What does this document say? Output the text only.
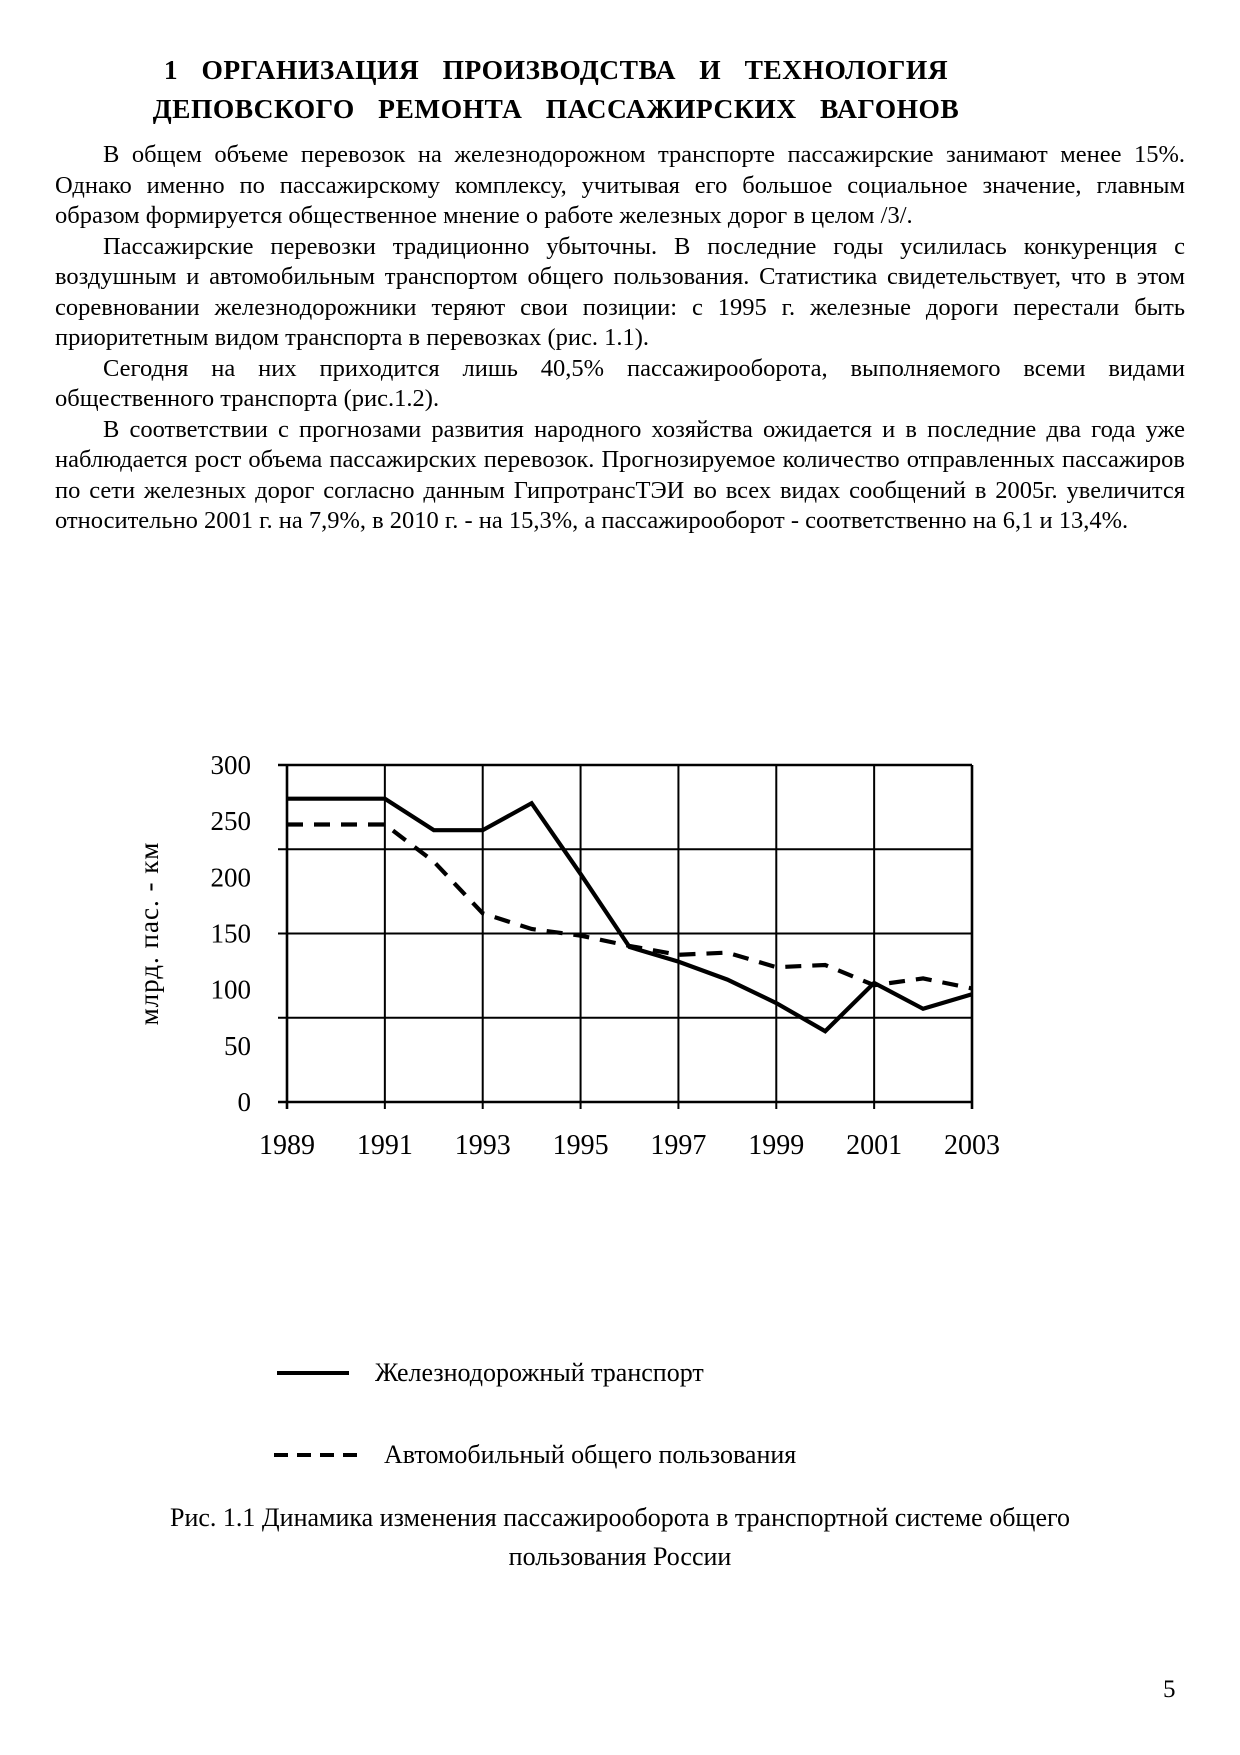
1 ОРГАНИЗАЦИЯ ПРОИЗВОДСТВА И ТЕХНОЛОГИЯ
ДЕПОВСКОГО РЕМОНТА ПАССАЖИРСКИХ ВАГОНОВ

В общем объеме перевозок на железнодорожном транспорте пассажирские занимают менее 15%. Однако именно по пассажирскому комплексу, учитывая его большое социальное значение, главным образом формируется общественное мнение о работе железных дорог в целом /3/.

Пассажирские перевозки традиционно убыточны. В последние годы усилилась конкуренция с воздушным и автомобильным транспортом общего пользования. Статистика свидетельствует, что в этом соревновании железнодорожники теряют свои позиции: с 1995 г. железные дороги перестали быть приоритетным видом транспорта в перевозках (рис. 1.1).

Сегодня на них приходится лишь 40,5% пассажирооборота, выполняемого всеми видами общественного транспорта (рис.1.2).

В соответствии с прогнозами развития народного хозяйства ожидается и в последние два года уже наблюдается рост объема пассажирских перевозок. Прогнозируемое количество отправленных пассажиров по сети железных дорог согласно данным ГипротрансТЭИ во всех видах сообщений в 2005г. увеличится относительно 2001 г. на 7,9%, в 2010 г. - на 15,3%, а пассажирооборот - соответственно на 6,1 и 13,4%.

0
50
100
150
200
250
300
1989 1991 1993 1995 1997 1999 2001 2003
млрд. пас. - км
Железнодорожный транспорт
Автомобильный общего пользования
Рис. 1.1 Динамика изменения пассажирооборота в транспортной системе общего
пользования России
5
